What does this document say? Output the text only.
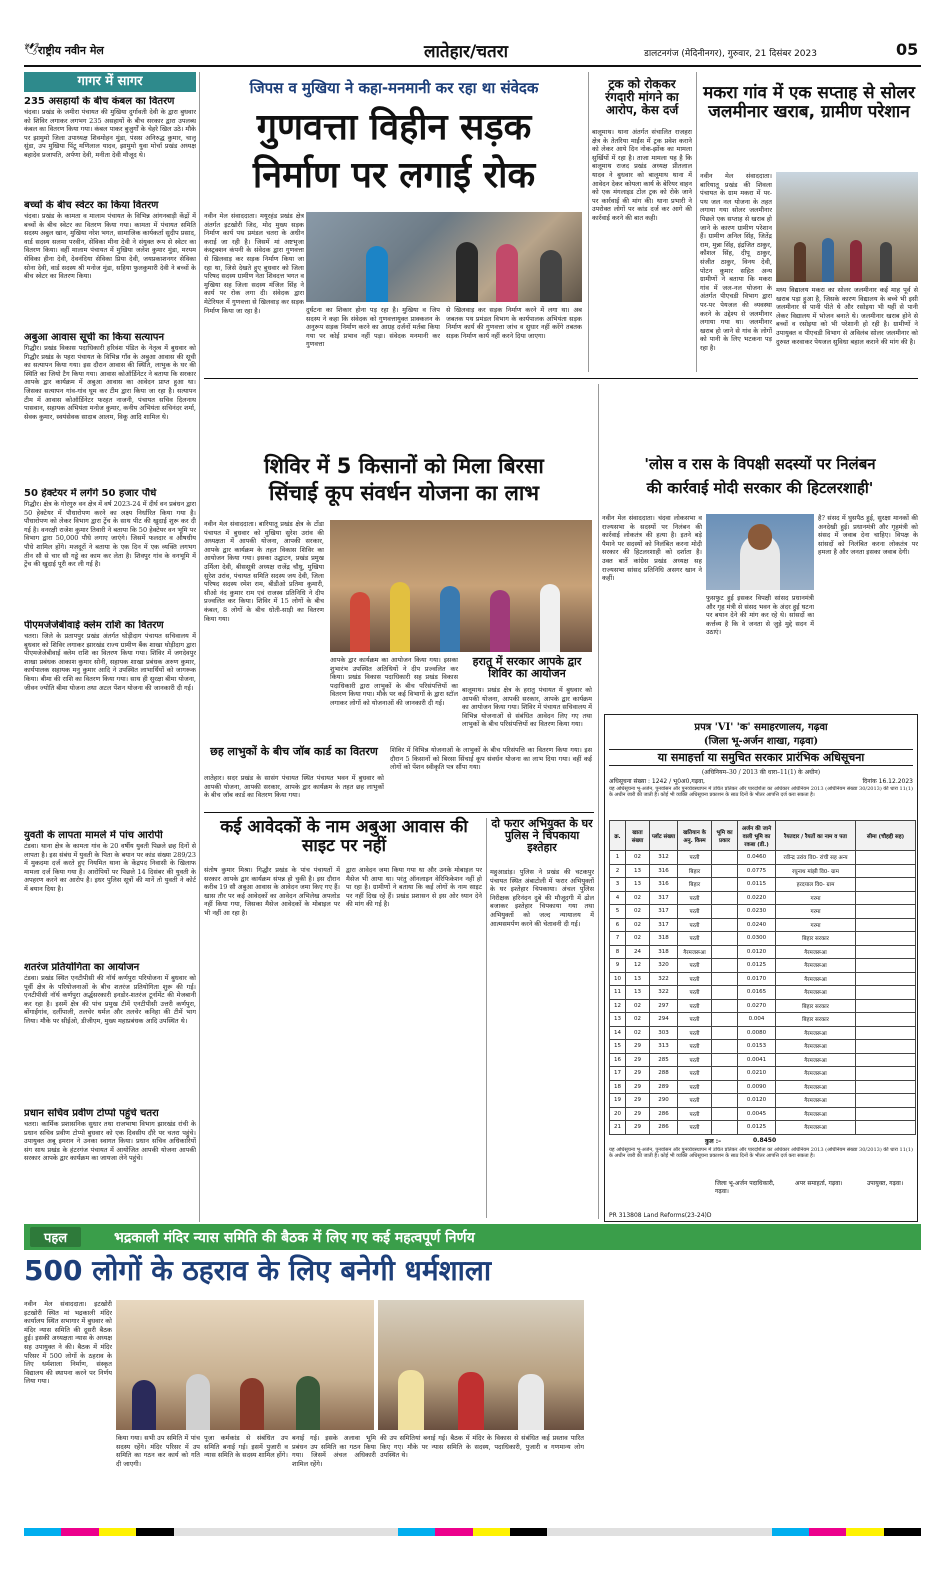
🕊
राष्ट्रीय नवीन मेल	लातेहार/चतरा	डालटनगंज (मेदिनीनगर), गुरुवार, 21 दिसंबर 2023	05
गागर में सागर
235 असहायों के बीच कंबल का वितरण
चंदवा। प्रखंड के जमीरा पंचायत की मुखिया दुर्गावती देवी के द्वारा बुधवार को शिविर लगाकर लगभग 235 असहायों के बीच सरकार द्वारा उपलब्ध कंबल का वितरण किया गया। कंबल पाकर बुजुर्गों के चेहरे खिल उठे। मौके पर झामुमो जिला उपाध्यक्ष शिवमोहन मुंडा, पंसस अनिरुद्ध कुमार, चालू सुंडा, उप मुखिया पिंटू मणिलाल यादव, झामुमो युवा मोर्चा प्रखंड अध्यक्ष बहादेव प्रजापति, अर्पणा देवी, मनीता देवी मौजूद थे।
बच्चों के बीच स्वेटर का किया वितरण
चंदवा। प्रखंड के कामता व मालाम पंचायत के विभिन्न आंगनबाड़ी केंद्रों में बच्चों के बीच स्वेटर का वितरण किया गया। कामता में पंचायत समिति सदस्य अबुल खान, मुखिया नरेश भगत, सामाजिक कार्यकर्ता सुदीप प्रसाद, वार्ड सदस्य सलमा परवीन, सेविका मीना देवी ने संयुक्त रूप से स्वेटर का वितरण किया। वहीं मालाम पंचायत में मुखिया जलेश कुमार मुंडा, मरयम सेविका हीना देवी, देवनंदिया सेविका प्रिया देवी, जयप्रकाशनगर सेविका सोना देवी, वार्ड सदस्य श्री मनोज मुंडा, सहिया फुलकुमारी देवी ने बच्चों के बीच स्वेटर का वितरण किया।
अबुआ आवास सूची का किया सत्यापन
गिद्धौर। प्रखंड विकास पदाधिकारी हरिवंश पंडित के नेतृत्व में बुधवार को गिद्धौर प्रखंड के पहरा पंचायत के विभिन्न गाँव के अबुआ आवास की सूची का सत्यापन किया गया। इस दौरान आवास की स्थिति, लाभुक के घर की स्थिति का जियो टैग किया गया। आवास कोऑर्डिनेटर ने बताया कि सरकार आपके द्वार कार्यक्रम में अबुआ आवास का आवेदन प्राप्त हुआ था। जिसका सत्यापन गांव-गांव घूम कर टीम द्वारा किया जा रहा है। सत्यापन टीम में आवास कोऑर्डिनेटर फरहत नाजनी, पंचायत सचिव दिलनाथ पासवान, सहायक अभियंता मनोज कुमार, कनीय अभियंता सचिनंदर शर्मा, सेवक कुमार, स्वयंसेवक सादाब आलम, विकू आदि शामिल थे।
50 हेक्टेयर में लगेंगे 50 हजार पौधे
गिद्धौर। क्षेत्र के गोरगुरु वन क्षेत्र में वर्ष 2023-24 में दीर्घ वन प्रबंधन द्वारा 50 हेक्टेयर में पौधारोपण करने का लक्ष्य निर्धारित किया गया है। पौधारोपण को लेकर विभाग द्वारा ट्रेंच के साथ पीट की खुदाई शुरू कर दी गई है। वनरक्षी राजेश कुमार तिवारी ने बताया कि 50 हेक्टेयर वन भूमि पर विभाग द्वारा 50,000 पौधे लगाए जाएंगे। जिसमें फलदार व औषधीय पौधे शामिल होंगे। मजदूरों ने बताया के एक दिन में एक व्यक्ति लगभग तीन सौ से चार सौ गड्ढे का काम कर लेता है। शिवपुर गांव के वनभूमि में ट्रेंच की खुदाई पूरी कर ली गई है।
पीएमजेजेबीवाई क्लेम राशि का वितरण
चतरा। जिले के प्रतापपुर प्रखंड अंतर्गत घोड़ीदाग पंचायत सचिवालय में बुधवार को शिविर लगाकर झारखंड राज्य ग्रामीण बैंक शाखा घोड़ीदाग द्वारा पीएमजेजेबीवाई क्लेम राशि का वितरण किया गया। शिविर में जगदेवपुर शाखा प्रबंधक आकाश कुमार सोनी, सहायक शाखा प्रबंधक अरुण कुमार, कार्यपालक सहायक मनु कुमार आदि ने उपस्थित लाभार्थियों को जागरूक किया। बीमा की राशि का वितरण किया गया। साथ ही सुरक्षा बीमा योजना, जीवन ज्योति बीमा योजना तथा अटल पेंशन योजना की जानकारी दी गई।
युवती के लापता मामले में पांच आरोपी
टंडवा। थाना क्षेत्र के कामता गांव के 20 वर्षीय युवती पिछले छह दिनों से लापता है। इस संबंध में युवती के पिता के बयान पर कांड संख्या 289/23 में मुकदमा दर्ज करते हुए नियमित थाना के केंद्रपद निवासी के खिलाफ मामला दर्ज किया गया है। आरोपियों पर पिछले 14 दिसंबर की युवती के अपहरण करने का आरोप है। इधर पुलिस सूत्रों की मानें तो युवती ने कोर्ट में बयान दिया है।
शतरंज प्रतियोगिता का आयोजन
टंडवा। प्रखंड स्थित एनटीपीसी की नॉर्थ कर्णपुरा परियोजना में बुधवार को पूर्वी क्षेत्र के परियोजनाओं के बीच शतरंज प्रतियोगिता शुरू की गई। एनटीपीसी नॉर्थ कर्णपुरा अर्द्धसरकारी इनडोर-शतरंज टूर्नामेंट की मेजबानी कर रहा है। इसमें क्षेत्र की पांच प्रमुख टीमें एनटीपीसी उत्तरी कर्णपुरा, बोंगाईगांव, दर्लीपाली, तलचेर थर्मल और तलचेर कनिहा की टीमें भाग लिया। मौके पर सीईओ, डीजीएम, मुख्य महाप्रबंधक आदि उपस्थित थे।
प्रधान सचिव प्रवीण टोप्पो पहुंचे चतरा
चतरा। कार्मिक प्रशासनिक सुधार तथा राजभाषा विभाग झारखंड रांची के प्रधान सचिव प्रवीण टोप्पो बुधवार को एक दिवसीय दौरे पर चतरा पहुंचे। उपायुक्त अबू इमरान ने उनका स्वागत किया। प्रधान सचिव अधिकारियों संग साथ प्रखंड के हंटरगंज पंचायत में आयोजित आपकी योजना आपकी सरकार आपके द्वार कार्यक्रम का जायजा लेने पहुंचे।
जिपस व मुखिया ने कहा-मनमानी कर रहा था संवेदक
गुणवत्ता विहीन सड़क
निर्माण पर लगाई रोक
नवीन मेल संवाददाता। मयूरहंड प्रखंड क्षेत्र अंतर्गत इटखोरी जिद, मोद मुख्य सड़क निर्माण कार्य पथ प्रमंडल चतरा के अधीन कराई जा रही है। जिसमें मां अष्टभुजा कंस्ट्रक्शन कंपनी के संवेदक द्वारा गुणवत्ता से खिलवाड़ कर सड़क निर्माण किया जा रहा था, जिसे देखते हुए बुधवार को जिला परिषद सदस्य ग्रामीण नेता शिवदत्त भगत व मुखिया सह जिला सदस्य मंजिल सिंह ने कार्य पर रोक लगा दी। संवेदक द्वारा मेटेरियल में गुणवत्ता से खिलवाड़ कर सड़क निर्माण किया जा रहा है।	दुर्घटना का शिकार होना पड़ रहा है। मुखिया व जिप सदस्य ने कहा कि संवेदक को गुणवत्तायुक्त प्राक्कलन के अनुरूप सड़क निर्माण करने का आग्रह दर्जनों मर्तबा किया गया पर कोई प्रभाव नहीं पड़ा। संवेदक मनमानी कर गुणवत्ता
से खिलवाड़ कर सड़क निर्माण करने में लगा था। अब जबतक पथ प्रमंडल विभाग के कार्यपालक अभियंता सड़क निर्माण कार्य की गुणवत्ता जांच व सुधार नहीं करेंगे तबतक सड़क निर्माण कार्य नहीं करने दिया जाएगा।
ट्रक को रोककर रंगदारी मांगने का आरोप, केस दर्ज
बालूमाथ। थाना अंतर्गत संचालित राजहरा क्षेत्र के तेतरिया माईंस में ट्रक प्रवेश कराने को लेकर आये दिन नोक-झोंक का मामला सुर्खियों में रहा है। ताजा मामला यह है कि बालूमाथ राजद प्रखंड अध्यक्ष प्रीतलाल यादव ने बुधवार को बालूमाथ थाना में आवेदन देकर कोयला कार्य के बेरियर वाहन को एक मंगलाइड टोल ट्रक को रोके जाने पर कार्रवाई की मांग की। थाना प्रभारी ने उपरोक्त लोगों पर कांड दर्ज कर आगे की कार्रवाई करने की बात कही।
मकरा गांव में एक सप्ताह से सोलर जलमीनार खराब, ग्रामीण परेशान
नवीन मेल संवाददाता। बारियातू प्रखंड की शिवला पंचायत के ग्राम मकरा में पर-पथ जल नल योजना के तहत लगाया गया सोलर जलमीनार पिछले एक सप्ताह से खराब हो जाने के कारण ग्रामीण परेशान हैं। ग्रामीण अनिल सिंह, जितेंद्र राम, मुन्ना सिंह, इंद्रजित ठाकुर, कौशल सिंह, दीपू ठाकुर, संजीत ठाकुर, विनय देवी, पोटन कुमार सहित अन्य ग्रामीणों ने बताया कि मकरा गांव में जल-नल योजना के अंतर्गत पीएचडी विभाग द्वारा पर-पर पेयजल की व्यवस्था करने के उद्देश्य से जलमीनार लगाया गया था। जलमीनार खराब हो जाने से गांव के लोगों को पानी के लिए भटकना पड़ रहा है।
मध्य विद्यालय मकरा का सोलर जलमीनार कई माह पूर्व से खराब पड़ा हुआ है, जिसके कारण विद्यालय के बच्चे भी इसी जलमीनार से पानी पीते थे और रसोइया भी यहीं से पानी लेकर विद्यालय में भोजन बनाते थे। जलमीनार खराब होने से बच्चों व रसोइया को भी परेशानी हो रही है। ग्रामीणों ने उपायुक्त व पीएचडी विभाग से अविलंब सोलर जलमीनार को दुरुस्त करवाकर पेयजल सुविधा बहाल कराने की मांग की है।
शिविर में 5 किसानों को मिला बिरसा
सिंचाई कूप संवर्धन योजना का लाभ
नवीन मेल संवाददाता। बारियातू प्रखंड क्षेत्र के टोंडा पंचायत में बुधवार को मुखिया सुरेश उरांव की अध्यक्षता में आपकी योजना, आपकी सरकार, आपके द्वार कार्यक्रम के तहत विकास शिविर का आयोजन किया गया। इसका उद्घाटन, प्रखंड प्रमुख उर्मिला देवी, बीससूत्री अध्यक्ष राजेंद्र चौधु, मुखिया सुरेश उरांव, पंचायत समिति सदस्य जय देवी, जिला परिषद सदस्य रमेश राम, बीडीओ प्रतिमा कुमारी, सीओ नंद कुमार राम एवं राजस्व प्रतिनिधि ने दीप प्रज्वलित कर किया। शिविर में 15 लोगों के बीच कंबल, 8 लोगों के बीच धोती-साड़ी का वितरण किया गया।
आपके द्वार कार्यक्रम का आयोजन किया गया। इसका शुभारंभ उपस्थित अतिथियों ने दीप प्रज्वलित कर किया। प्रखंड विकास पदाधिकारी सह प्रखंड विकास पदाधिकारी द्वारा लाभुकों के बीच परिसंपत्तियों का वितरण किया गया। मौके पर कई विभागों के द्वारा स्टॉल लगाकर लोगों को योजनाओं की जानकारी दी गई।
हरातु में सरकार आपके द्वार शिविर का आयोजन
बालूमाथ। प्रखंड क्षेत्र के हरातु पंचायत में बुधवार को आपकी योजना, आपकी सरकार, आपके द्वार कार्यक्रम का आयोजन किया गया। शिविर में पंचायत सचिवालय में विभिन्न योजनाओं से संबंधित आवेदन लिए गए तथा लाभुकों के बीच परिसंपत्तियों का वितरण किया गया।
छह लाभुकों के बीच जॉब कार्ड का वितरण
लातेहार। सदर प्रखंड के सासंग पंचायत स्थित पंचायत भवन में बुधवार को आपकी योजना, आपकी सरकार, आपके द्वार कार्यक्रम के तहत छह लाभुकों के बीच जॉब कार्ड का वितरण किया गया।
शिविर में विभिन्न योजनाओं के लाभुकों के बीच परिसंपत्ति का वितरण किया गया। इस दौरान 5 किसानों को बिरसा सिंचाई कूप संवर्धन योजना का लाभ दिया गया। वहीं कई लोगों को पेंशन स्वीकृति पत्र सौंपा गया।
कई आवेदकों के नाम अबुआ आवास की साइट पर नहीं
संतोष कुमार मिश्रा। गिद्धौर प्रखंड के पांच पंचायतों में सरकार आपके द्वार कार्यक्रम संपन्न हो चुकी है। इस दौरान करीब 19 सौ अबुआ आवास के आवेदन जमा किए गए हैं। खास तौर पर कई आवेदकों का आवेदन अभिलेख अपलोड नहीं किया गया, जिसका मैसेज आवेदकों के मोबाइल पर भी नहीं आ रहा है।
द्वारा आवेदन जमा किया गया था और उनके मोबाइल पर मैसेज भी आया था। परंतु ऑनलाइन वेरिफिकेशन नहीं हो पा रहा है। ग्रामीणों ने बताया कि कई लोगों के नाम साइट पर नहीं दिख रहे हैं। प्रखंड प्रशासन से इस ओर ध्यान देने की मांग की गई है।
दो फरार अभियुक्त के घर पुलिस ने चिपकाया इश्तेहार
महुआडांड़। पुलिस ने प्रखंड की चटकपुर पंचायत स्थित अंबाटोली में फरार अभियुक्तों के घर इश्तेहार चिपकाया। अंचल पुलिस निरीक्षक हरिनंदन दुबे की मौजूदगी में ढोल बजाकर इश्तेहार चिपकाया गया तथा अभियुक्तों को जल्द न्यायालय में आत्मसमर्पण करने की चेतावनी दी गई।
'लोस व रास के विपक्षी सदस्यों पर निलंबन
की कार्रवाई मोदी सरकार की हिटलरशाही'
नवीन मेल संवाददाता। चंदवा लोकसभा व राज्यसभा के सदस्यों पर निलंबन की कार्रवाई लोकतंत्र की हत्या है। इतने बड़े पैमाने पर सदस्यों को निलंबित करना मोदी सरकार की हिटलरशाही को दर्शाता है। उक्त बातें कांग्रेस प्रखंड अध्यक्ष सह राज्यसभा सांसद प्रतिनिधि असगर खान ने कहीं।
फुसफुट हुई इसकर विपक्षी सांसद प्रधानमंत्री और गृह मंत्री से संसद भवन के अंदर हुई घटना पर बयान देने की मांग कर रहे थे। सांसदों का कर्त्तव्य है कि वे जनता से जुड़े मुद्दे सदन में उठाएं।
है? संसद में घुसपैठ हुई, सुरक्षा मानकों की अनदेखी हुई। प्रधानमंत्री और गृहमंत्री को संसद में जवाब देना चाहिए। विपक्ष के सांसदों को निलंबित करना लोकतंत्र पर हमला है और जनता इसका जवाब देगी।
प्रपत्र 'VI' 'क' समाहरणालय, गढ़वा
(जिला भू-अर्जन शाखा, गढ़वा)
या समाहर्त्ता या समुचित सरकार प्रारंभिक अधिसूचना
(अधिनियम–30 / 2013 की धारा–11(1) के अधीन)
अधिसूचना संख्या : 1242 / भू0अ0,गढ़वा,	दिनांक 16.12.2023
यह अधिसूचना भू-अर्जन, पुनर्वासन और पुनर्व्यवस्थापन में उचित प्रतिकर और पारदर्शिता का अधिकार अधिनियम 2013 (अधिनियम संख्या 30/2013) की धारा 11(1) के अधीन जारी की जाती है। कोई भी व्यक्ति अधिसूचना प्रकाशन के साठ दिनों के भीतर आपत्ति दर्ज करा सकता है।
क्र.	खाता संख्या	प्लॉट संख्या	खतियान के अनु. किस्म	भूमि का प्रकार	अर्जन की जाने वाली भूमि का रकबा (डी.)	रैयतदार / रैयतों का नाम व पता	सीमा (चौहद्दी सह)
1	02	312	परती		0.0460	रवीन्द्र उरांव वि0- रांची सह अन्य	
2	13	316	बिहार		0.0775	रघुनाथ मांझी वि0- ग्राम	
3	13	316	बिहार		0.0115	हरदयाल वि0- ग्राम	
4	02	317	परती		0.0220	गरमा	
5	02	317	परती		0.0230	गरमा	
6	02	317	परती		0.0240	गरमा	
7	02	318	परती		0.0300	बिहार सरकार	
8	24	318	गैरमजरूआ		0.0120	गैरमजरूआ	
9	12	320	परती		0.0125	गैरमजरूआ	
10	13	322	परती		0.0170	गैरमजरूआ	
11	13	322	परती		0.0165	गैरमजरूआ	
12	02	297	परती		0.0270	बिहार सरकार	
13	02	294	परती		0.004	बिहार सरकार	
14	02	303	परती		0.0080	गैरमजरूआ	
15	29	313	परती		0.0153	गैरमजरूआ	
16	29	285	परती		0.0041	गैरमजरूआ	
17	29	288	परती		0.0210	गैरमजरूआ	
18	29	289	परती		0.0090	गैरमजरूआ	
19	29	290	परती		0.0120	गैरमजरूआ	
20	29	286	परती		0.0045	गैरमजरूआ	
21	29	286	परती		0.0125	गैरमजरूआ	
कुल :–	0.8450
यह अधिसूचना भू-अर्जन, पुनर्वासन और पुनर्व्यवस्थापन में उचित प्रतिकर और पारदर्शिता का अधिकार अधिनियम 2013 (अधिनियम संख्या 30/2013) की धारा 11(1) के अधीन जारी की जाती है। कोई भी व्यक्ति अधिसूचना प्रकाशन के साठ दिनों के भीतर आपत्ति दर्ज करा सकता है।
जिला भू-अर्जन पदाधिकारी, गढ़वा।
अपर समाहर्ता, गढ़वा।	उपायुक्त, गढ़वा।
PR 313808 Land Reforms(23-24)D
पहल	भद्रकाली मंदिर न्यास समिति की बैठक में लिए गए कई महत्वपूर्ण निर्णय
500 लोगों के ठहराव के लिए बनेगी धर्मशाला
नवीन मेल संवाददाता। इटखोरी इटखोरी स्थित मां भद्रकाली मंदिर कार्यालय स्थित सभागार में बुधवार को मंदिर न्यास समिति की दूसरी बैठक हुई। इसकी अध्यक्षता न्यास के अध्यक्ष सह उपायुक्त ने की। बैठक में मंदिर परिसर में 500 लोगों के ठहराव के लिए धर्मशाला निर्माण, संस्कृत विद्यालय की स्थापना करने पर निर्णय लिया गया।
किया गया। सभी उप समिति में पांच सदस्य रहेंगे। मंदिर परिसर में उप समिति का गठन कर कार्य को गति दी जाएगी।
पूजा कर्मकांड से संबंधित उप समिति बनाई गई। इसमें पुजारी व न्यास समिति के सदस्य शामिल होंगे।
बनाई गई। इसके अलावा भूमि प्रबंधन उप समिति का गठन किया गया। जिसमें अंचल अधिकारी शामिल रहेंगे।
की उप समितियां बनाई गई। बैठक में मंदिर के विकास से संबंधित कई प्रस्ताव पारित किए गए। मौके पर न्यास समिति के सदस्य, पदाधिकारी, पुजारी व गणमान्य लोग उपस्थित थे।
